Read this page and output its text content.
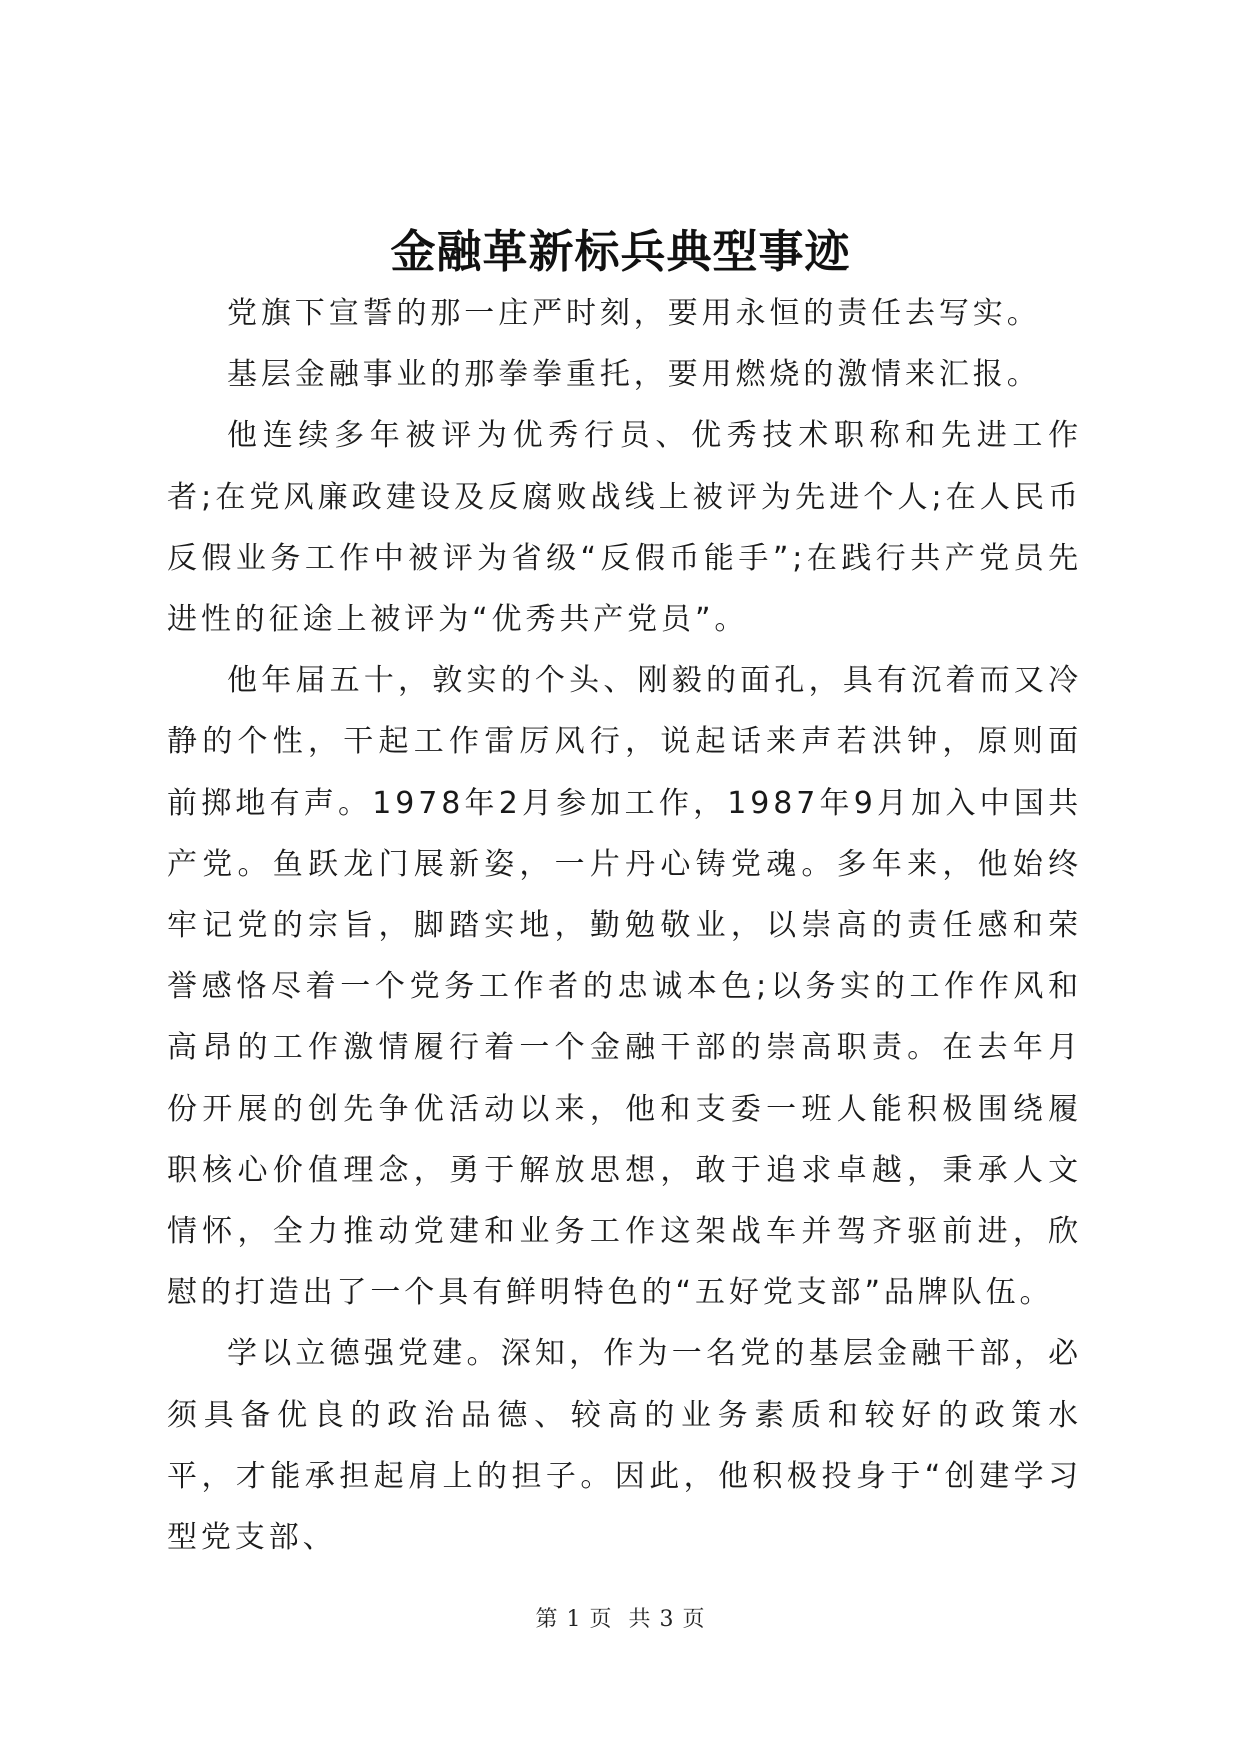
金融革新标兵典型事迹

党旗下宣誓的那一庄严时刻，要用永恒的责任去写实。

基层金融事业的那拳拳重托，要用燃烧的激情来汇报。

他连续多年被评为优秀行员、优秀技术职称和先进工作者;在党风廉政建设及反腐败战线上被评为先进个人;在人民币反假业务工作中被评为省级“反假币能手”;在践行共产党员先进性的征途上被评为“优秀共产党员”。

他年届五十，敦实的个头、刚毅的面孔，具有沉着而又冷静的个性，干起工作雷厉风行，说起话来声若洪钟，原则面前掷地有声。1978年2月参加工作，1987年9月加入中国共产党。鱼跃龙门展新姿，一片丹心铸党魂。多年来，他始终牢记党的宗旨，脚踏实地，勤勉敬业，以崇高的责任感和荣誉感恪尽着一个党务工作者的忠诚本色;以务实的工作作风和高昂的工作激情履行着一个金融干部的崇高职责。在去年月份开展的创先争优活动以来，他和支委一班人能积极围绕履职核心价值理念，勇于解放思想，敢于追求卓越，秉承人文情怀，全力推动党建和业务工作这架战车并驾齐驱前进，欣慰的打造出了一个具有鲜明特色的“五好党支部”品牌队伍。

学以立德强党建。深知，作为一名党的基层金融干部，必须具备优良的政治品德、较高的业务素质和较好的政策水平，才能承担起肩上的担子。因此，他积极投身于“创建学习型党支部、

第 1 页  共 3 页
